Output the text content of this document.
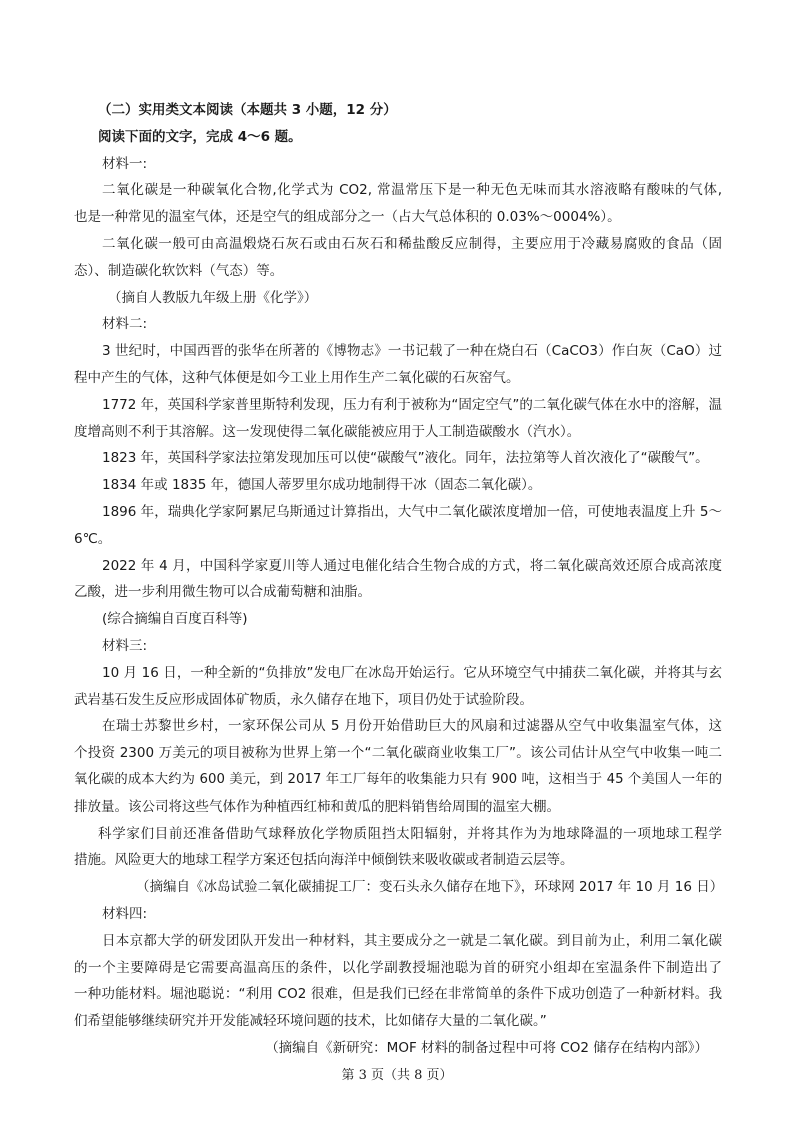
（二）实用类文本阅读（本题共 3 小题，12 分）
阅读下面的文字，完成 4～6 题。
材料一:
二氧化碳是一种碳氧化合物,化学式为 CO2, 常温常压下是一种无色无味而其水溶液略有酸味的气体,
也是一种常见的温室气体，还是空气的组成部分之一（占大气总体积的 0.03%～0004%）。
二氧化碳一般可由高温煅烧石灰石或由石灰石和稀盐酸反应制得，主要应用于冷藏易腐败的食品（固
态）、制造碳化软饮料（气态）等。
（摘自人教版九年级上册《化学》）
材料二:
3 世纪时，中国西晋的张华在所著的《博物志》一书记载了一种在烧白石（CaCO3）作白灰（CaO）过
程中产生的气体，这种气体便是如今工业上用作生产二氧化碳的石灰窑气。
1772 年，英国科学家普里斯特利发现，压力有利于被称为“固定空气”的二氧化碳气体在水中的溶解，温
度增高则不利于其溶解。这一发现使得二氧化碳能被应用于人工制造碳酸水（汽水）。
1823 年，英国科学家法拉第发现加压可以使“碳酸气”液化。同年，法拉第等人首次液化了“碳酸气”。
1834 年或 1835 年，德国人蒂罗里尔成功地制得干冰（固态二氧化碳）。
1896 年，瑞典化学家阿累尼乌斯通过计算指出，大气中二氧化碳浓度增加一倍，可使地表温度上升 5～
6℃。
2022 年 4 月，中国科学家夏川等人通过电催化结合生物合成的方式，将二氧化碳高效还原合成高浓度
乙酸，进一步利用微生物可以合成葡萄糖和油脂。
(综合摘编自百度百科等)
材料三:
10 月 16 日，一种全新的“负排放”发电厂在冰岛开始运行。它从环境空气中捕获二氧化碳，并将其与玄
武岩基石发生反应形成固体矿物质，永久储存在地下，项目仍处于试验阶段。
在瑞士苏黎世乡村，一家环保公司从 5 月份开始借助巨大的风扇和过滤器从空气中收集温室气体，这
个投资 2300 万美元的项目被称为世界上第一个“二氧化碳商业收集工厂”。该公司估计从空气中收集一吨二
氧化碳的成本大约为 600 美元，到 2017 年工厂每年的收集能力只有 900 吨，这相当于 45 个美国人一年的
排放量。该公司将这些气体作为种植西红柿和黄瓜的肥料销售给周围的温室大棚。
科学家们目前还准备借助气球释放化学物质阻挡太阳辐射，并将其作为为地球降温的一项地球工程学
措施。风险更大的地球工程学方案还包括向海洋中倾倒铁来吸收碳或者制造云层等。
（摘编自《冰岛试验二氧化碳捕捉工厂：变石头永久储存在地下》，环球网 2017 年 10 月 16 日）
材料四:
日本京都大学的研发团队开发出一种材料，其主要成分之一就是二氧化碳。到目前为止，利用二氧化碳
的一个主要障碍是它需要高温高压的条件，以化学副教授堀池聪为首的研究小组却在室温条件下制造出了
一种功能材料。堀池聪说：“利用 CO2 很难，但是我们已经在非常简单的条件下成功创造了一种新材料。我
们希望能够继续研究并开发能减轻环境问题的技术，比如储存大量的二氧化碳。”
（摘编自《新研究：MOF 材料的制备过程中可将 CO2 储存在结构内部》）
第 3 页（共 8 页）
